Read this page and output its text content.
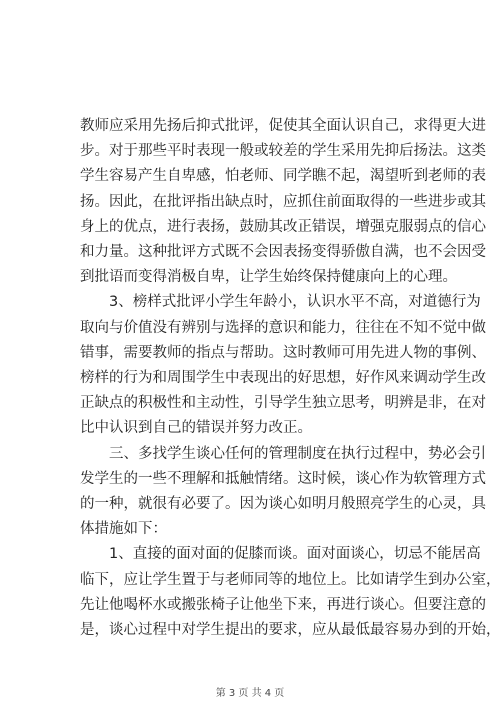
教师应采用先扬后抑式批评，促使其全面认识自己，求得更大进
步。对于那些平时表现一般或较差的学生采用先抑后扬法。这类
学生容易产生自卑感，怕老师、同学瞧不起，渴望听到老师的表
扬。因此，在批评指出缺点时，应抓住前面取得的一些进步或其
身上的优点，进行表扬，鼓励其改正错误，增强克服弱点的信心
和力量。这种批评方式既不会因表扬变得骄傲自满，也不会因受
到批语而变得消极自卑，让学生始终保持健康向上的心理。

　　3、榜样式批评小学生年龄小，认识水平不高，对道德行为
取向与价值没有辨别与选择的意识和能力，往往在不知不觉中做
错事，需要教师的指点与帮助。这时教师可用先进人物的事例、
榜样的行为和周围学生中表现出的好思想，好作风来调动学生改
正缺点的积极性和主动性，引导学生独立思考，明辨是非，在对
比中认识到自己的错误并努力改正。

　　三、多找学生谈心任何的管理制度在执行过程中，势必会引
发学生的一些不理解和抵触情绪。这时候，谈心作为软管理方式
的一种，就很有必要了。因为谈心如明月般照亮学生的心灵，具
体措施如下：

　　1、直接的面对面的促膝而谈。面对面谈心，切忌不能居高
临下，应让学生置于与老师同等的地位上。比如请学生到办公室，
先让他喝杯水或搬张椅子让他坐下来，再进行谈心。但要注意的
是，谈心过程中对学生提出的要求，应从最低最容易办到的开始，

第 3 页 共 4 页
